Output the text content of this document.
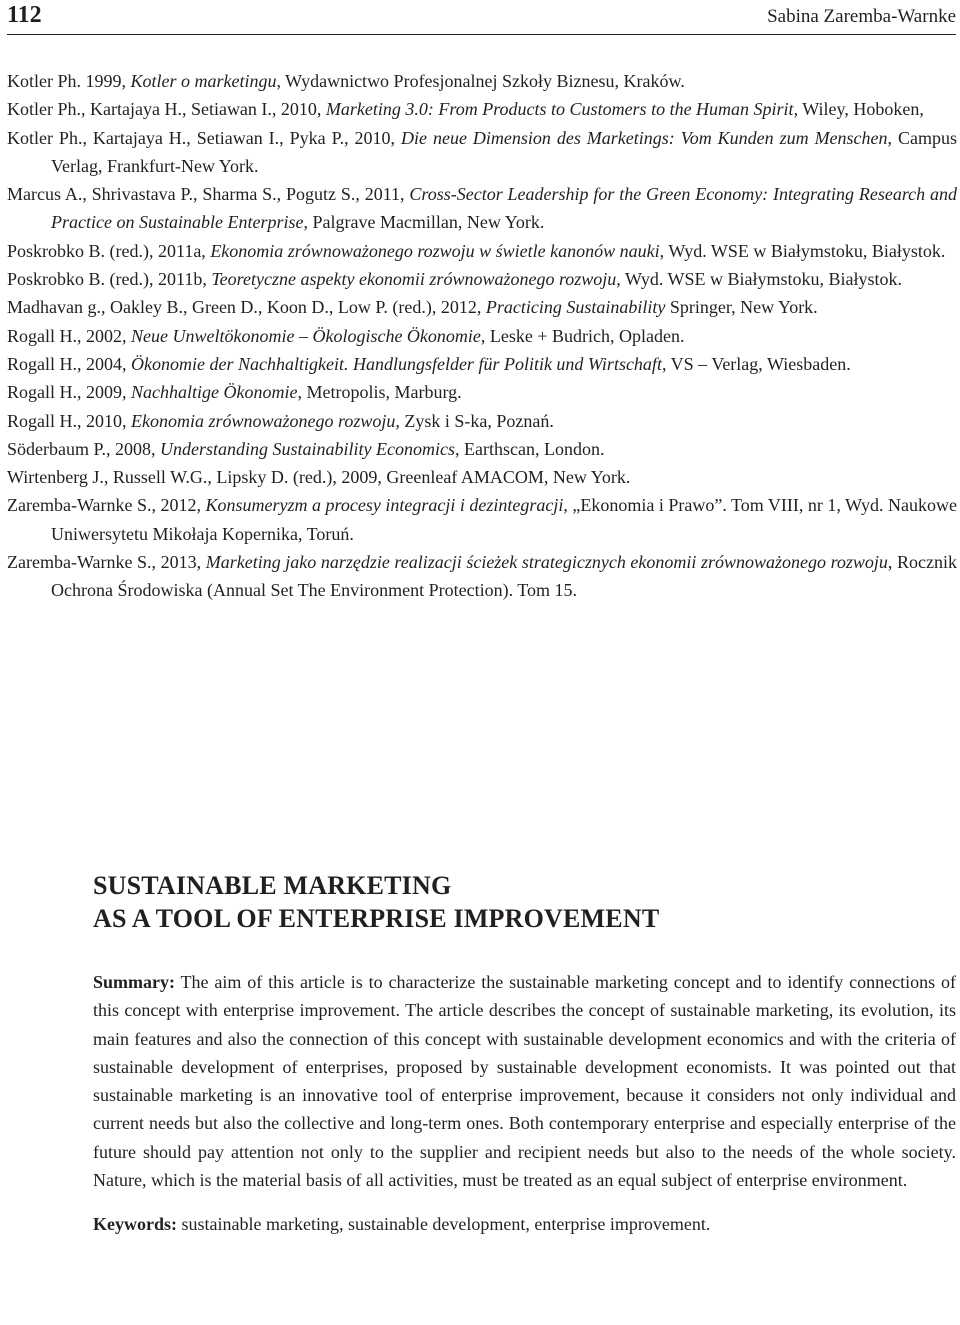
112	Sabina Zaremba-Warnke

Kotler Ph. 1999, Kotler o marketingu, Wydawnictwo Profesjonalnej Szkoły Biznesu, Kraków.

Kotler Ph., Kartajaya H., Setiawan I., 2010, Marketing 3.0: From Products to Customers to the Human Spirit, Wiley, Hoboken,

Kotler Ph., Kartajaya H., Setiawan I., Pyka P., 2010, Die neue Dimension des Marketings: Vom Kunden zum Menschen, Campus Verlag, Frankfurt-New York.

Marcus A., Shrivastava P., Sharma S., Pogutz S., 2011, Cross-Sector Leadership for the Green Economy: Integrating Research and Practice on Sustainable Enterprise, Palgrave Macmillan, New York.

Poskrobko B. (red.), 2011a, Ekonomia zrównoważonego rozwoju w świetle kanonów nauki, Wyd. WSE w Białymstoku, Białystok.

Poskrobko B. (red.), 2011b, Teoretyczne aspekty ekonomii zrównoważonego rozwoju, Wyd. WSE w Białymstoku, Białystok.

Madhavan g., Oakley B., Green D., Koon D., Low P. (red.), 2012, Practicing Sustainability Springer, New York.

Rogall H., 2002, Neue Unweltökonomie – Ökologische Ökonomie, Leske + Budrich, Opladen.

Rogall H., 2004, Ökonomie der Nachhaltigkeit. Handlungsfelder für Politik und Wirtschaft, VS – Verlag, Wiesbaden.

Rogall H., 2009, Nachhaltige Ökonomie, Metropolis, Marburg.

Rogall H., 2010, Ekonomia zrównoważonego rozwoju, Zysk i S-ka, Poznań.

Söderbaum P., 2008, Understanding Sustainability Economics, Earthscan, London.

Wirtenberg J., Russell W.G., Lipsky D. (red.), 2009, Greenleaf AMACOM, New York.

Zaremba-Warnke S., 2012, Konsumeryzm a procesy integracji i dezintegracji, „Ekonomia i Prawo”. Tom VIII, nr 1, Wyd. Naukowe Uniwersytetu Mikołaja Kopernika, Toruń.

Zaremba-Warnke S., 2013, Marketing jako narzędzie realizacji ścieżek strategicznych ekonomii zrównoważonego rozwoju, Rocznik Ochrona Środowiska (Annual Set The Environment Protection). Tom 15.

SUSTAINABLE MARKETING
AS A TOOL OF ENTERPRISE IMPROVEMENT

Summary: The aim of this article is to characterize the sustainable marketing concept and to identify connections of this concept with enterprise improvement. The article describes the concept of sustainable marketing, its evolution, its main features and also the connection of this concept with sustainable development economics and with the criteria of sustainable development of enterprises, proposed by sustainable development economists. It was pointed out that sustainable marketing is an innovative tool of enterprise improvement, because it considers not only individual and current needs but also the collective and long-term ones. Both contemporary enterprise and especially enterprise of the future should pay attention not only to the supplier and recipient needs but also to the needs of the whole society. Nature, which is the material basis of all activities, must be treated as an equal subject of enterprise environment.

Keywords: sustainable marketing, sustainable development, enterprise improvement.
